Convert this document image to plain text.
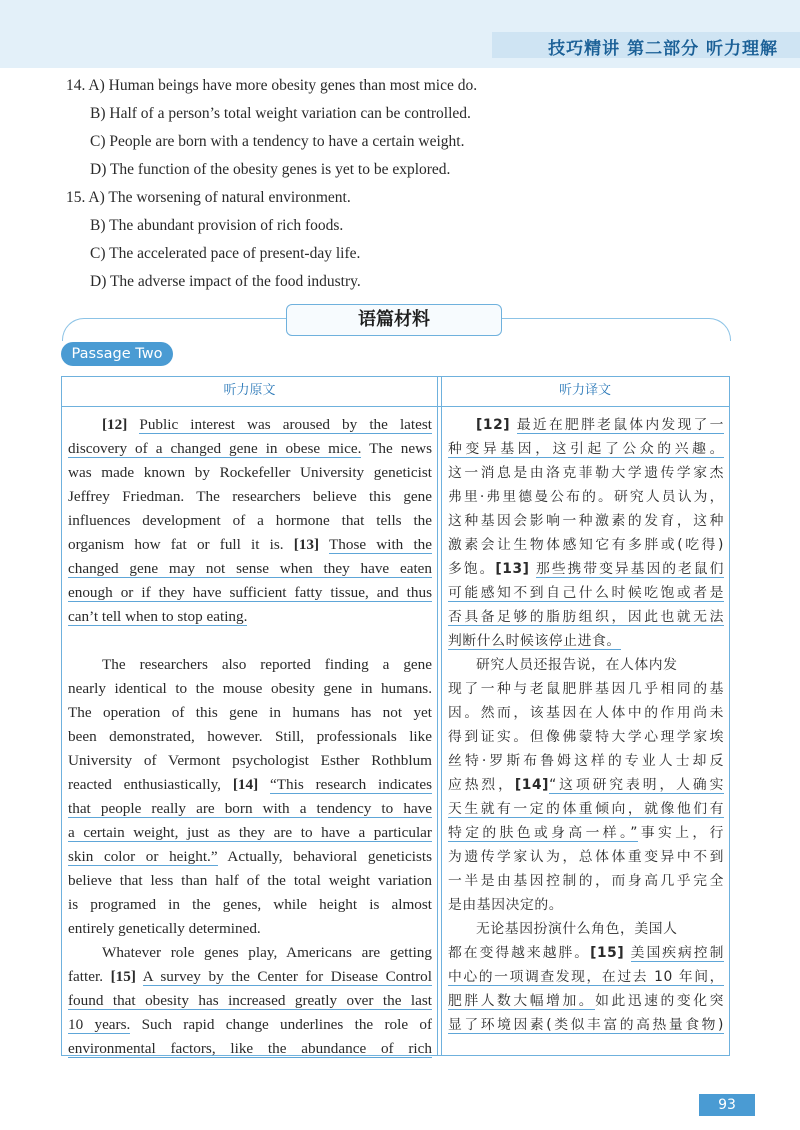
技巧精讲 第二部分 听力理解
14. A) Human beings have more obesity genes than most mice do.
B) Half of a person’s total weight variation can be controlled.
C) People are born with a tendency to have a certain weight.
D) The function of the obesity genes is yet to be explored.
15. A) The worsening of natural environment.
B) The abundant provision of rich foods.
C) The accelerated pace of present-day life.
D) The adverse impact of the food industry.
语篇材料
Passage Two
听力原文	听力译文
[12] Public interest was aroused by the latest
discovery of a changed gene in obese mice. The news
was made known by Rockefeller University geneticist
Jeffrey Friedman. The researchers believe this gene
influences development of a hormone that tells the
organism how fat or full it is. [13] Those with the
changed gene may not sense when they have eaten
enough or if they have sufficient fatty tissue, and thus
can’t tell when to stop eating.
The researchers also reported finding a gene
nearly identical to the mouse obesity gene in humans.
The operation of this gene in humans has not yet
been demonstrated, however. Still, professionals like
University of Vermont psychologist Esther Rothblum
reacted enthusiastically, [14] “This research indicates
that people really are born with a tendency to have
a certain weight, just as they are to have a particular
skin color or height.” Actually, behavioral geneticists
believe that less than half of the total weight variation
is programed in the genes, while height is almost
entirely genetically determined.
Whatever role genes play, Americans are getting
fatter. [15] A survey by the Center for Disease Control
found that obesity has increased greatly over the last
10 years. Such rapid change underlines the role of
environmental factors, like the abundance of rich
[12] 最近在肥胖老鼠体内发现了一
种变异基因，这引起了公众的兴趣。
这一消息是由洛克菲勒大学遗传学家杰
弗里·弗里德曼公布的。研究人员认为，
这种基因会影响一种激素的发育，这种
激素会让生物体感知它有多胖或(吃得)
多饱。[13] 那些携带变异基因的老鼠们
可能感知不到自己什么时候吃饱或者是
否具备足够的脂肪组织，因此也就无法
判断什么时候该停止进食。
研究人员还报告说，在人体内发
现了一种与老鼠肥胖基因几乎相同的基
因。然而，该基因在人体中的作用尚未
得到证实。但像佛蒙特大学心理学家埃
丝特·罗斯布鲁姆这样的专业人士却反
应热烈，[14]“这项研究表明，人确实
天生就有一定的体重倾向，就像他们有
特定的肤色或身高一样。”事实上，行
为遗传学家认为，总体体重变异中不到
一半是由基因控制的，而身高几乎完全
是由基因决定的。
无论基因扮演什么角色，美国人
都在变得越来越胖。[15] 美国疾病控制
中心的一项调查发现，在过去 10 年间，
肥胖人数大幅增加。如此迅速的变化突
显了环境因素(类似丰富的高热量食物)
93
